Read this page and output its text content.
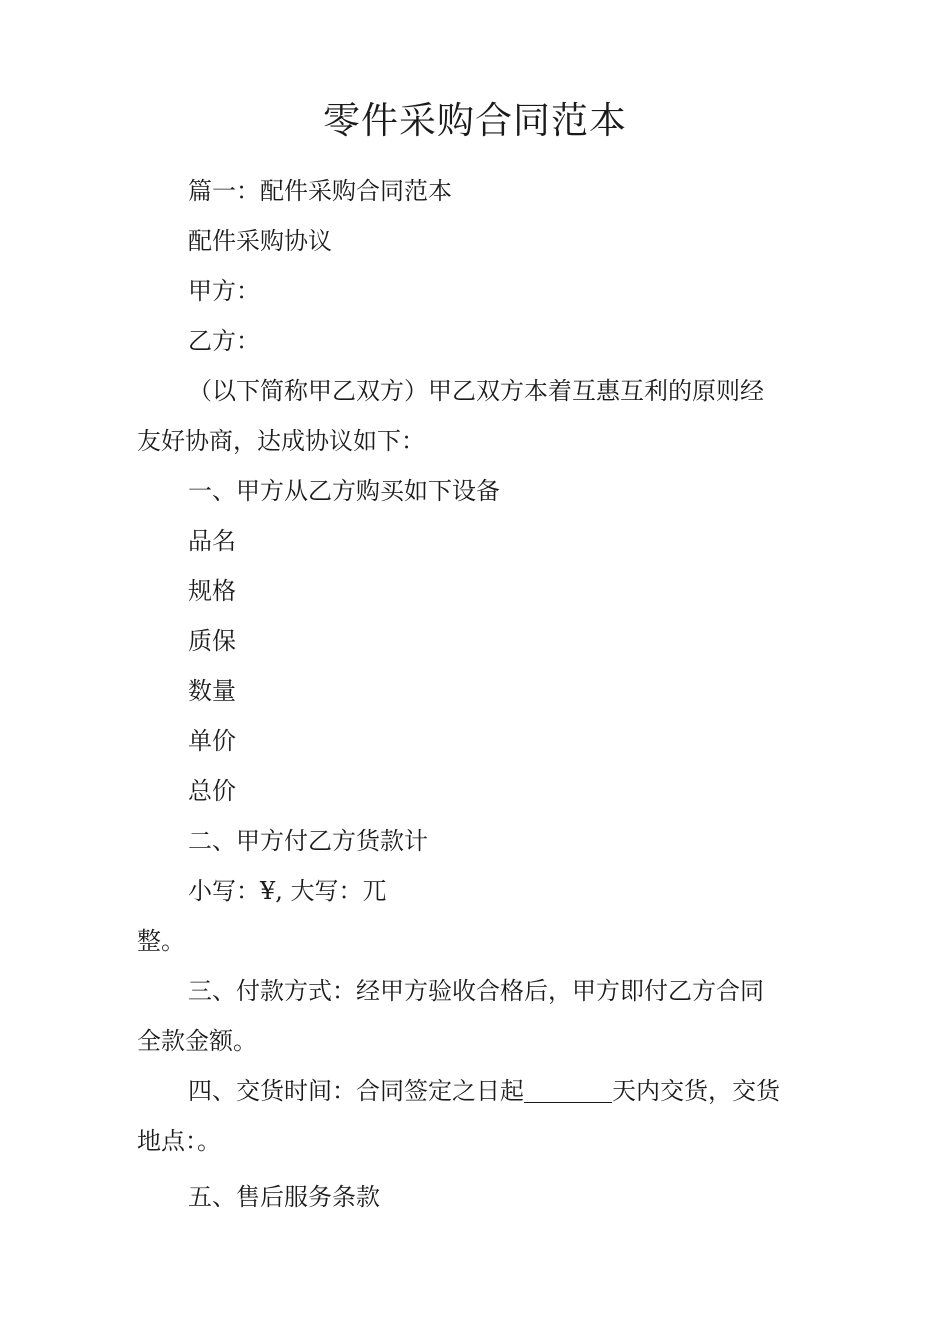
零件采购合同范本
篇一：配件采购合同范本
配件采购协议
甲方：
乙方：
（以下简称甲乙双方）甲乙双方本着互惠互利的原则经
友好协商，达成协议如下：
一、甲方从乙方购买如下设备
品名
规格
质保
数量
单价
总价
二、甲方付乙方货款计
小写：¥, 大写：兀
整。
三、付款方式：经甲方验收合格后，甲方即付乙方合同
全款金额。
四、交货时间：合同签定之日起	天内交货，交货
地点：。
五、售后服务条款
